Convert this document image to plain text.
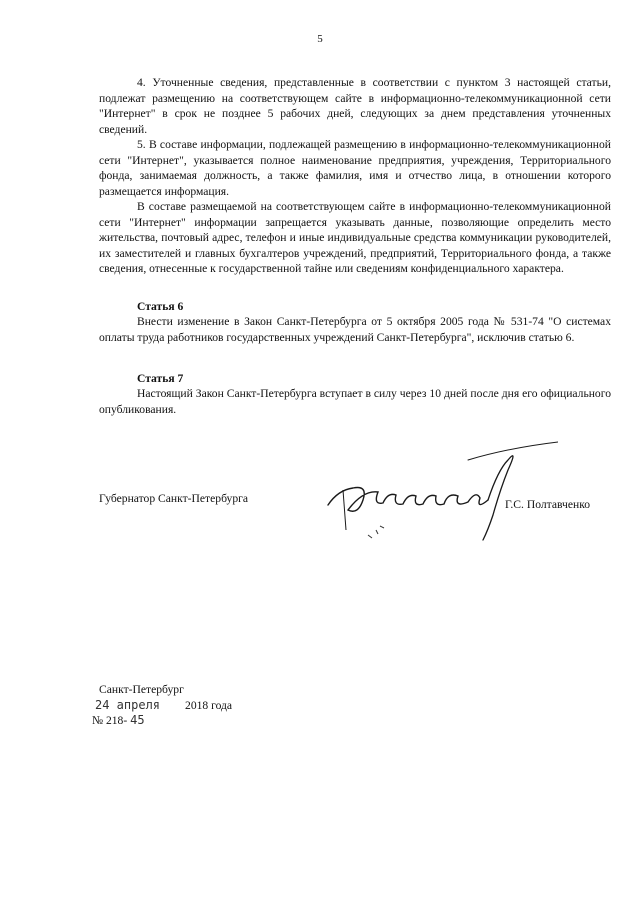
5

4. Уточненные сведения, представленные в соответствии с пунктом 3 настоящей статьи, подлежат размещению на соответствующем сайте в информационно-телекоммуникационной сети "Интернет" в срок не позднее 5 рабочих дней, следующих за днем представления уточненных сведений.

5. В составе информации, подлежащей размещению в информационно-телекоммуникационной сети "Интернет", указывается полное наименование предприятия, учреждения, Территориального фонда, занимаемая должность, а также фамилия, имя и отчество лица, в отношении которого размещается информация.

В составе размещаемой на соответствующем сайте в информационно-телекоммуникационной сети "Интернет" информации запрещается указывать данные, позволяющие определить место жительства, почтовый адрес, телефон и иные индивидуальные средства коммуникации руководителей, их заместителей и главных бухгалтеров учреждений, предприятий, Территориального фонда, а также сведения, отнесенные к государственной тайне или сведениям конфиденциального характера.

Статья 6

Внести изменение в Закон Санкт-Петербурга от 5 октября 2005 года № 531-74 "О системах оплаты труда работников государственных учреждений Санкт-Петербурга", исключив статью 6.

Статья 7

Настоящий Закон Санкт-Петербурга вступает в силу через 10 дней после дня его официального опубликования.

Губернатор Санкт-Петербурга	Г.С. Полтавченко
Санкт-Петербург
24 апреля 2018 года
№ 218- 45
